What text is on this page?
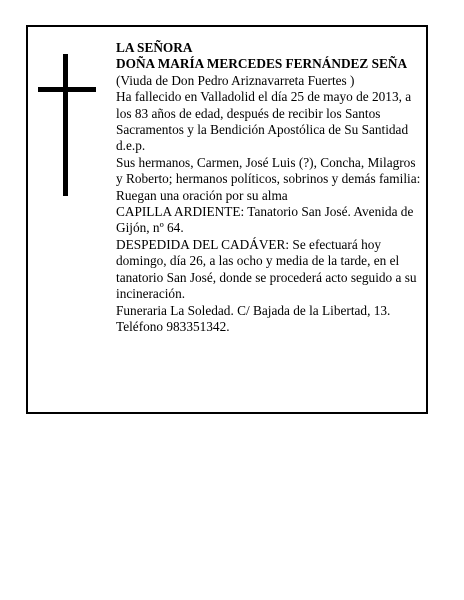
LA SEÑORA

DOÑA MARÍA MERCEDES FERNÁNDEZ SEÑA

(Viuda de Don Pedro Ariznavarreta Fuertes )

Ha fallecido en Valladolid el día 25 de mayo de 2013, a los 83 años de edad, después de recibir los Santos Sacramentos y la Bendición Apostólica de Su Santidad

d.e.p.

Sus hermanos, Carmen, José Luis (?), Concha, Milagros y Roberto; hermanos políticos, sobrinos y demás familia:

Ruegan una oración por su alma

CAPILLA ARDIENTE: Tanatorio San José. Avenida de Gijón, nº 64.

DESPEDIDA DEL CADÁVER: Se efectuará hoy domingo, día 26, a las ocho y media de la tarde, en el tanatorio San José, donde se procederá acto seguido a su incineración.

Funeraria La Soledad. C/ Bajada de la Libertad, 13. Teléfono 983351342.
